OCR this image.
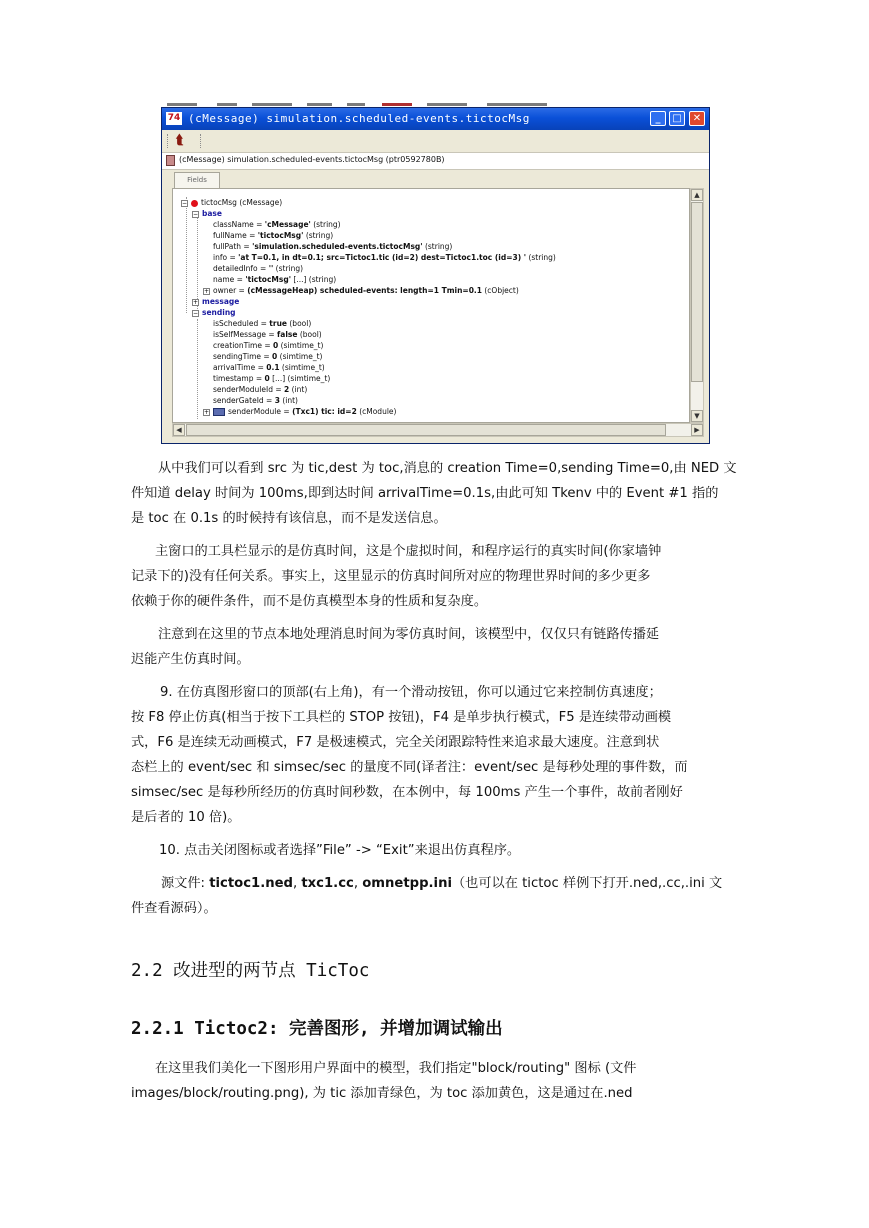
74 (cMessage) simulation.scheduled-events.tictocMsg	_	□	✕
⮬
(cMessage) simulation.scheduled-events.tictocMsg (ptr0592780B)
Fields
− tictocMsg (cMessage)
− base
className = 'cMessage' (string)
fullName = 'tictocMsg' (string)
fullPath = 'simulation.scheduled-events.tictocMsg' (string)
info = 'at T=0.1, in dt=0.1; src=Tictoc1.tic (id=2) dest=Tictoc1.toc (id=3) ' (string)
detailedInfo = '' (string)
name = 'tictocMsg' [...] (string)
+ owner = (cMessageHeap) scheduled-events: length=1 Tmin=0.1 (cObject)
+ message
− sending
isScheduled = true (bool)
isSelfMessage = false (bool)
creationTime = 0 (simtime_t)
sendingTime = 0 (simtime_t)
arrivalTime = 0.1 (simtime_t)
timestamp = 0 [...] (simtime_t)
senderModuleId = 2 (int)
senderGateId = 3 (int)
+	senderModule = (Txc1) tic: id=2 (cModule)
▲
▼
◀	▶
从中我们可以看到 src 为 tic,dest 为 toc,消息的 creation Time=0,sending Time=0,由 NED 文
件知道 delay 时间为 100ms,即到达时间 arrivalTime=0.1s,由此可知 Tkenv 中的 Event #1 指的
是 toc 在 0.1s 的时候持有该信息，而不是发送信息。
主窗口的工具栏显示的是仿真时间，这是个虚拟时间，和程序运行的真实时间(你家墙钟
记录下的)没有任何关系。事实上，这里显示的仿真时间所对应的物理世界时间的多少更多
依赖于你的硬件条件，而不是仿真模型本身的性质和复杂度。
注意到在这里的节点本地处理消息时间为零仿真时间，该模型中，仅仅只有链路传播延
迟能产生仿真时间。
9. 在仿真图形窗口的顶部(右上角)，有一个滑动按钮，你可以通过它来控制仿真速度；
按 F8 停止仿真(相当于按下工具栏的 STOP 按钮)，F4 是单步执行模式，F5 是连续带动画模
式，F6 是连续无动画模式，F7 是极速模式，完全关闭跟踪特性来追求最大速度。注意到状
态栏上的 event/sec 和 simsec/sec 的量度不同(译者注：event/sec 是每秒处理的事件数，而
simsec/sec 是每秒所经历的仿真时间秒数，在本例中，每 100ms 产生一个事件，故前者刚好
是后者的 10 倍)。
10. 点击关闭图标或者选择”File” -> “Exit”来退出仿真程序。
源文件: tictoc1.ned, txc1.cc, omnetpp.ini（也可以在 tictoc 样例下打开.ned,.cc,.ini 文
件查看源码）。
2.2 改进型的两节点 TicToc
2.2.1 Tictoc2: 完善图形, 并增加调试输出
在这里我们美化一下图形用户界面中的模型，我们指定"block/routing" 图标 (文件
images/block/routing.png), 为 tic 添加青绿色，为 toc 添加黄色，这是通过在.ned
